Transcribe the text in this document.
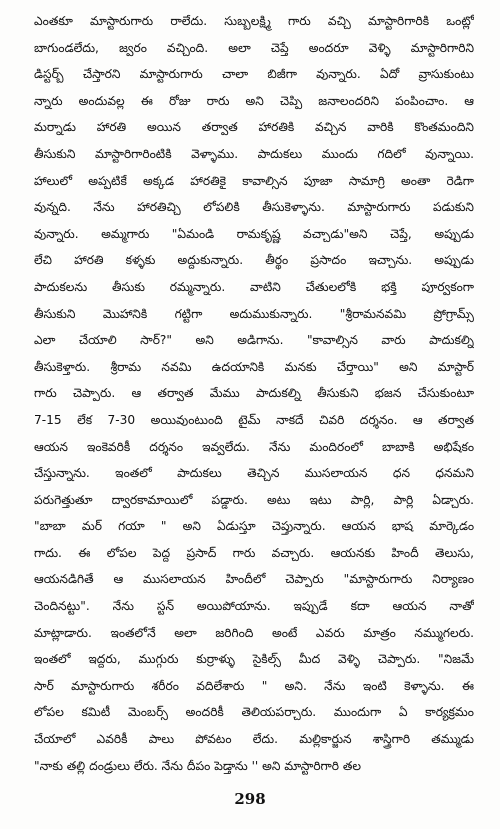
ఎంతకూ మాస్టారుగారు రాలేదు. సుబ్బలక్ష్మి గారు వచ్చి మాస్టారిగారికి ఒంట్లో
బాగుండలేదు, జ్వరం వచ్చింది. అలా చెప్తే అందరూ వెళ్ళి మాస్టారిగారిని
డిస్టర్బ్ చేస్తారని మాస్టారుగారు చాలా బిజీగా వున్నారు. ఏదో వ్రాసుకుంటు
న్నారు అందువల్ల ఈ రోజు రారు అని చెప్పి జనాలందరిని పంపించాం. ఆ
మర్నాడు హారతి అయిన తర్వాత హారతికి వచ్చిన వారికి కొంతమందిని
తీసుకుని మాస్టారిగారింటికి వెళ్ళాము. పాదుకలు ముందు గదిలో వున్నాయి.
హాలులో అప్పటికే అక్కడ హారతికై కావాల్సిన పూజా సామాగ్రి అంతా రెడిగా
వున్నది. నేను హారతిచ్చి లోపలికి తీసుకెళ్ళాను. మాస్టారుగారు పడుకుని
వున్నారు. అమ్మగారు "ఏమండి రామకృష్ణ వచ్చాడు"అని చెప్తే, అప్పుడు
లేచి హారతి కళ్ళకు అద్దుకున్నారు. తీర్థం ప్రసాదం ఇచ్చాను. అప్పుడు
పాదుకలను తీసుకు రమ్మన్నారు. వాటిని చేతులలోకి భక్తి పూర్వకంగా
తీసుకుని మొహానికి గట్టిగా అదుముకున్నారు. "శ్రీరామనవమి ప్రోగ్రామ్స్
ఎలా చేయాలి సార్?" అని అడిగాను. "కావాల్సిన వారు పాదుకల్ని
తీసుకెళ్తారు. శ్రీరామ నవమి ఉదయానికి మనకు చేర్తాయి" అని మాస్టార్
గారు చెప్పారు. ఆ తర్వాత మేము పాదుకల్ని తీసుకుని భజన చేసుకుంటూ
7-15 లేక 7-30 అయివుంటుంది టైమ్ నాకదే చివరి దర్శనం. ఆ తర్వాత
ఆయన ఇంకెవరికీ దర్శనం ఇవ్వలేదు. నేను మందిరంలో బాబాకి అభిషేకం
చేస్తున్నాను. ఇంతలో పాదుకలు తెచ్చిన ముసలాయన ధన ధనమని
పరుగెత్తుతూ ద్వారకామాయిలో పడ్డారు. అటు ఇటు పార్లి, పార్లి ఏడ్చారు.
"బాబా మర్ గయా " అని ఏడుస్తూ చెప్తున్నారు. ఆయన భాష మార్కెడం
గాదు. ఈ లోపల పెద్ద ప్రసాద్ గారు వచ్చారు. ఆయనకు హిందీ తెలుసు,
ఆయనడిగితే ఆ ముసలాయన హిందీలో చెప్పారు "మాస్టారుగారు నిర్యాణం
చెందినట్టు". నేను స్టన్ అయిపోయాను. ఇప్పుడే కదా ఆయన నాతో
మాట్లాడారు. ఇంతలోనే అలా జరిగింది అంటే ఎవరు మాత్రం నమ్ముగలరు.
ఇంతలో ఇద్దరు, ముగ్గురు కుర్రాళ్ళు సైకిల్స్ మీద వెళ్ళి చెప్పారు. "నిజమే
సార్ మాస్టారుగారు శరీరం వదిలేశారు " అని. నేను ఇంటి కెళ్ళాను. ఈ
లోపల కమిటీ మెంబర్స్ అందరికీ తెలియపర్చారు. ముందుగా ఏ కార్యక్రమం
చేయాలో ఎవరికీ పాలు పోవటం లేదు. మల్లికార్జున శాస్త్రిగారి తమ్ముడు
"నాకు తల్లి దండ్రులు లేరు. నేను దీపం పెడ్తాను '' అని మాస్టారిగారి తల
298
